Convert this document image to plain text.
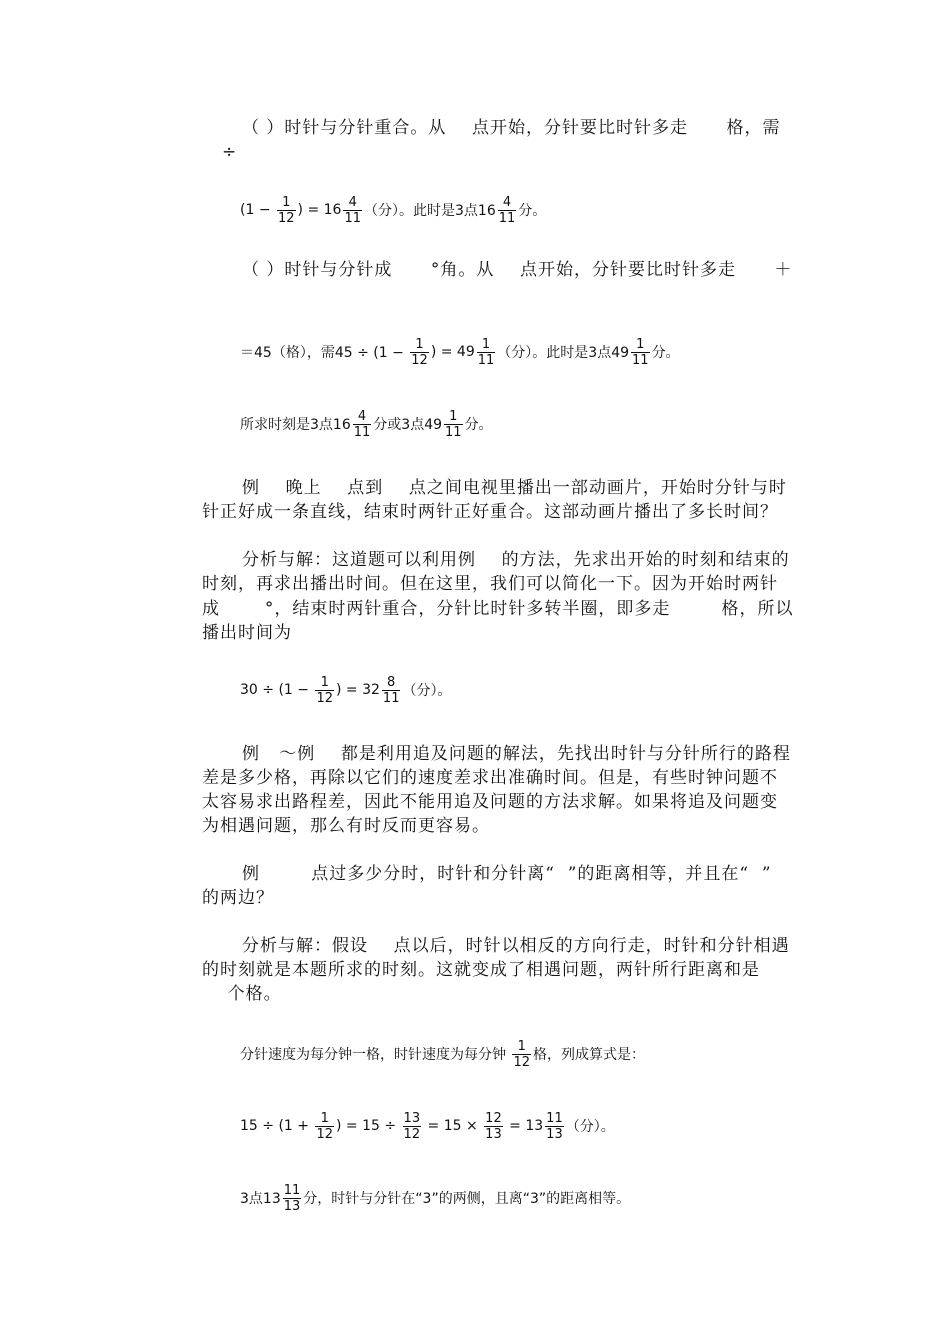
（ ）时针与分针重合。从    点开始，分针要比时针多走      格，需
÷
($1 - \frac{1}{12}$ ) = $16 \frac{4}{11}$ （分）。此时是3点$16 \frac{4}{11}$ 分。
（ ）时针与分针成      °角。从    点开始，分针要比时针多走      ＋
＝45（格），需$45 \div (1 - \frac{1}{12}$ ) = $49 \frac{1}{11}$ （分）。此时是3点$49 \frac{1}{11}$ 分。
所求时刻是3点$16 \frac{4}{11}$ 分或3点$49 \frac{1}{11}$ 分。
例    晚上    点到    点之间电视里播出一部动画片，开始时分针与时
针正好成一条直线，结束时两针正好重合。这部动画片播出了多长时间？
分析与解：这道题可以利用例    的方法，先求出开始的时刻和结束的
时刻，再求出播出时间。但在这里，我们可以简化一下。因为开始时两针
成       °，结束时两针重合，分针比时针多转半圈，即多走        格，所以
播出时间为
$30 \div (1 - \frac{1}{12}$ ) = $32 \frac{8}{11}$ （分）。
例   ～例    都是利用追及问题的解法，先找出时针与分针所行的路程
差是多少格，再除以它们的速度差求出准确时间。但是，有些时钟问题不
太容易求出路程差，因此不能用追及问题的方法求解。如果将追及问题变
为相遇问题，那么有时反而更容易。
例        点过多少分时，时针和分针离“  ”的距离相等，并且在“  ”
的两边？
分析与解：假设    点以后，时针以相反的方向行走，时针和分针相遇
的时刻就是本题所求的时刻。这就变成了相遇问题，两针所行距离和是
个格。
分针速度为每分钟一格，时针速度为每分钟 $\frac{1}{12}$ 格，列成算式是：
$15 \div (1 + \frac{1}{12}$ ) = $15 \div \frac{13}{12} = 15 \times \frac{12}{13} = 13 \frac{11}{13}$ （分）。
3点$13 \frac{11}{13}$ 分，时针与分针在“3”的两侧，且离“3”的距离相等。
